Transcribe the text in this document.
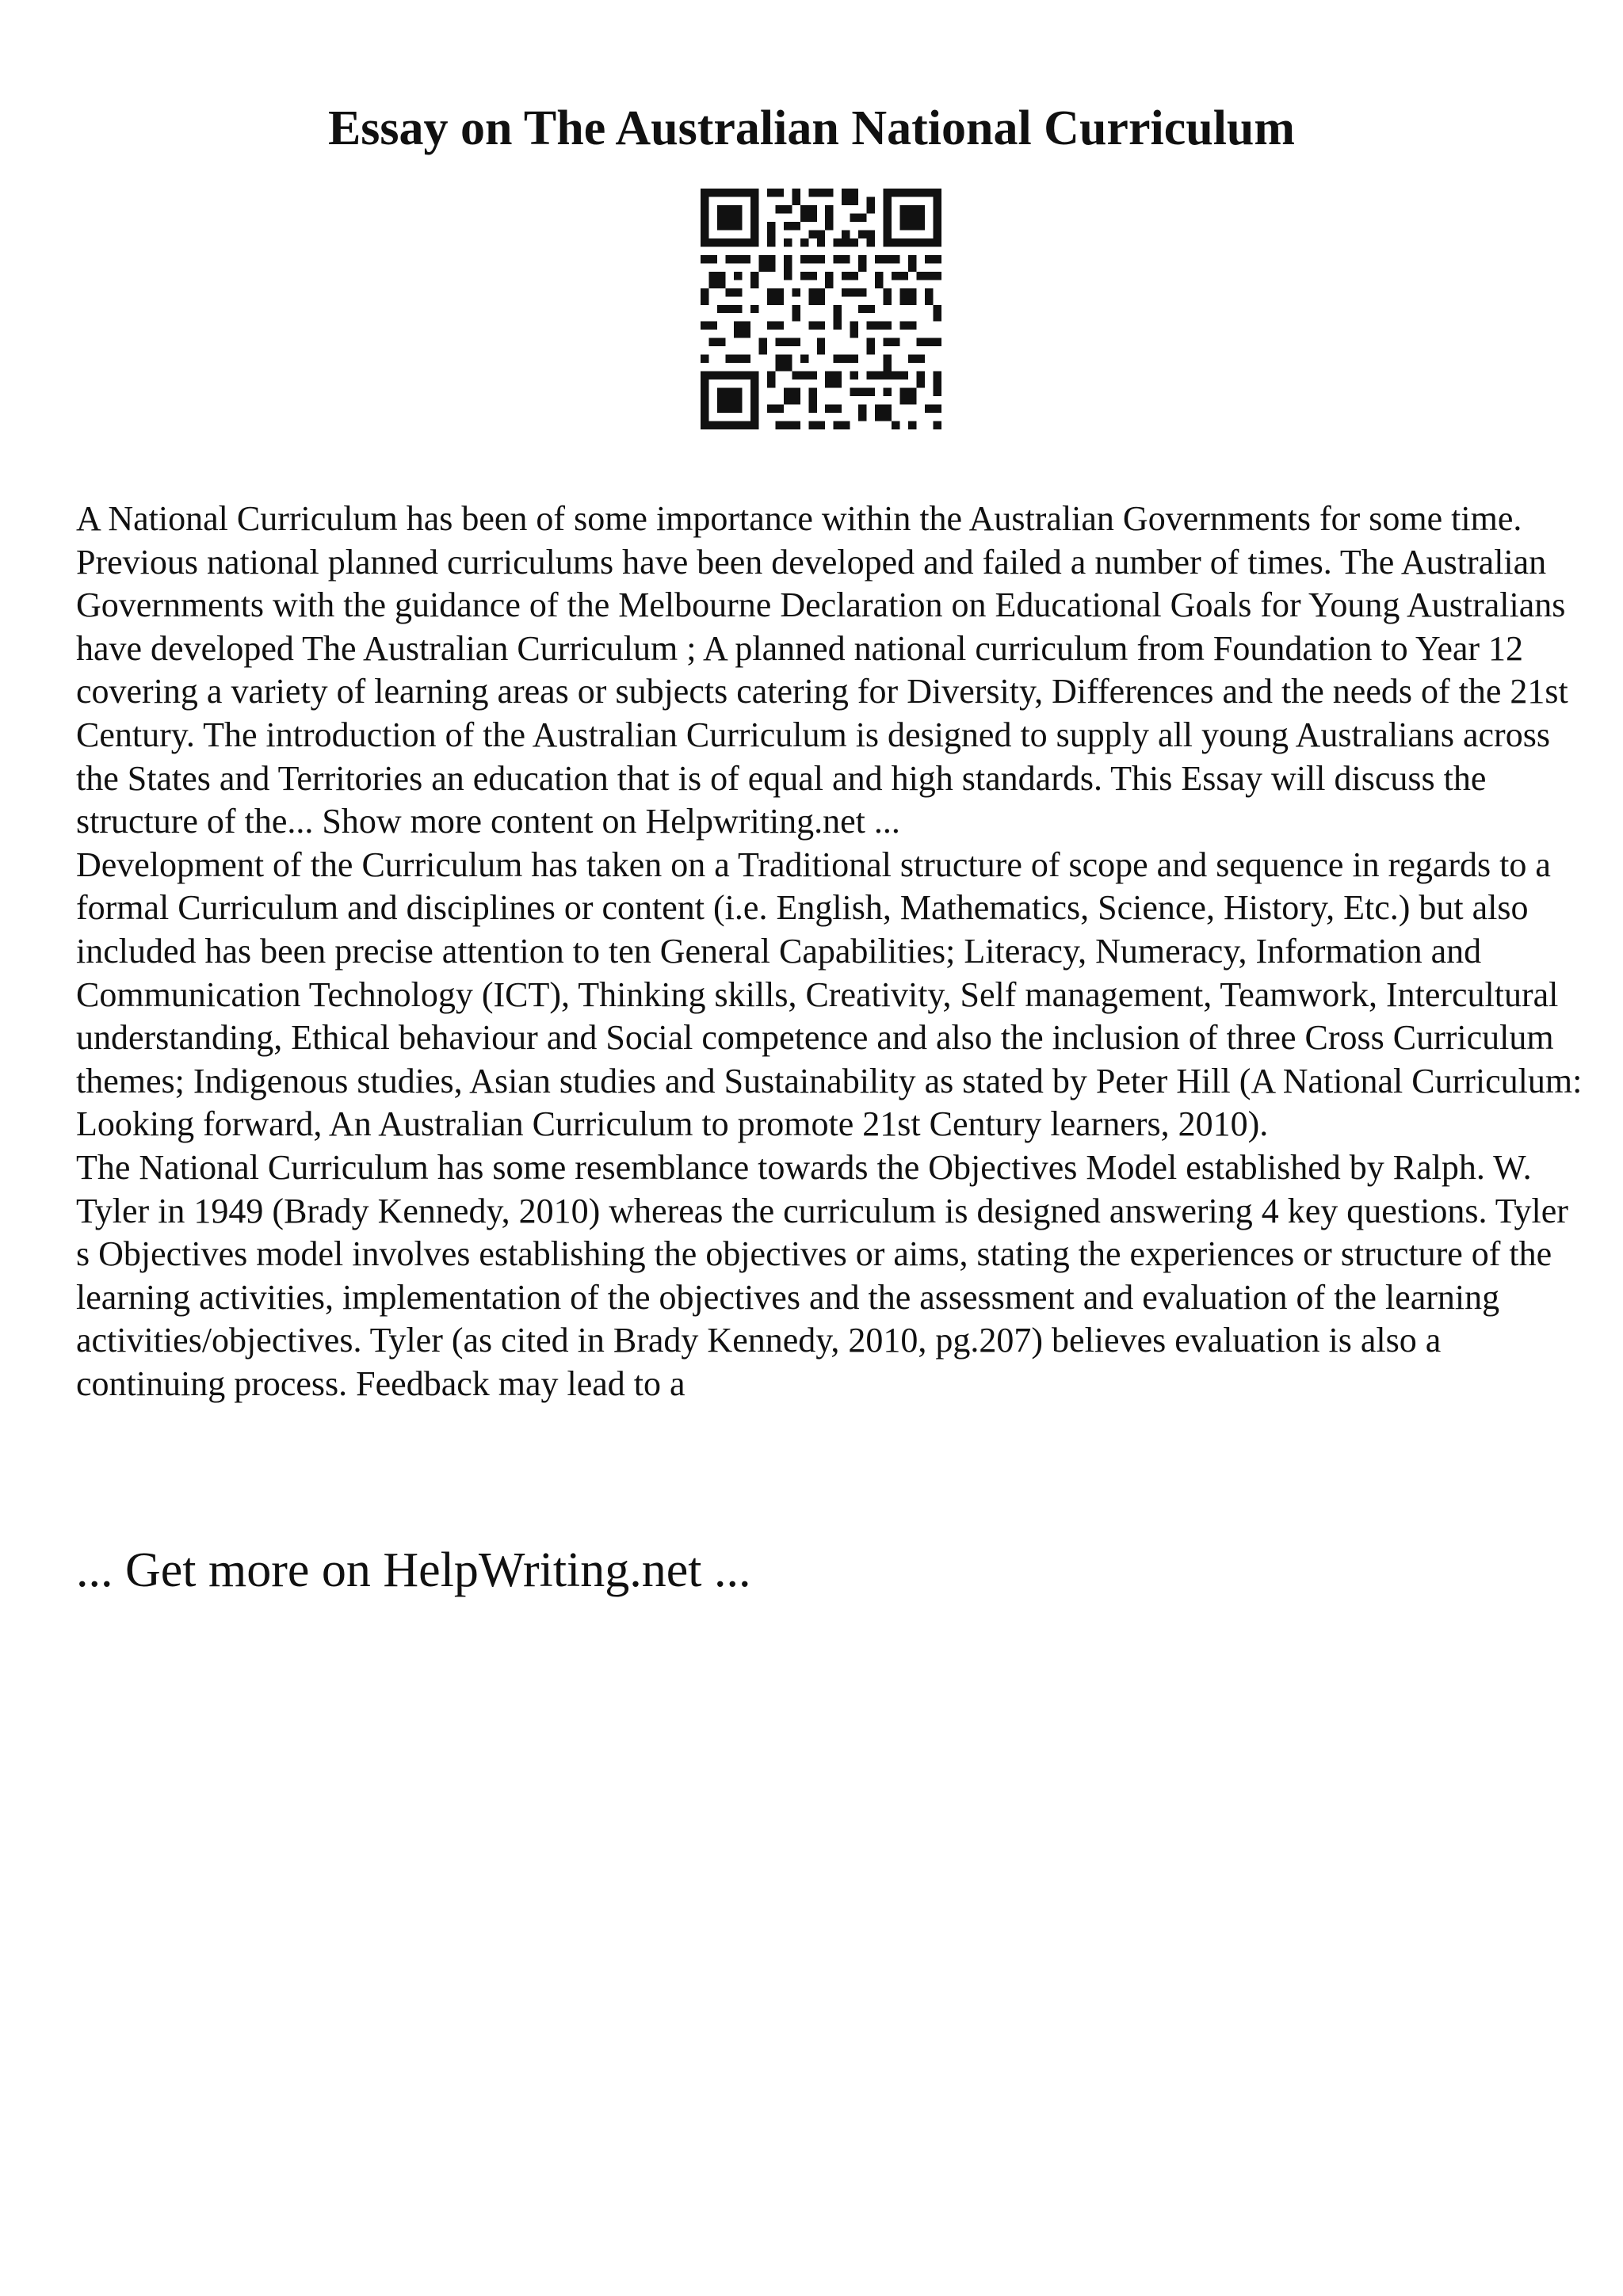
Essay on The Australian National Curriculum

A National Curriculum has been of some importance within the Australian Governments for some time. Previous national planned curriculums have been developed and failed a number of times. The Australian Governments with the guidance of the Melbourne Declaration on Educational Goals for Young Australians have developed The Australian Curriculum ; A planned national curriculum from Foundation to Year 12 covering a variety of learning areas or subjects catering for Diversity, Differences and the needs of the 21st Century. The introduction of the Australian Curriculum is designed to supply all young Australians across the States and Territories an education that is of equal and high standards. This Essay will discuss the structure of the... Show more content on Helpwriting.net ...

Development of the Curriculum has taken on a Traditional structure of scope and sequence in regards to a formal Curriculum and disciplines or content (i.e. English, Mathematics, Science, History, Etc.) but also included has been precise attention to ten General Capabilities; Literacy, Numeracy, Information and Communication Technology (ICT), Thinking skills, Creativity, Self management, Teamwork, Intercultural understanding, Ethical behaviour and Social competence and also the inclusion of three Cross Curriculum themes; Indigenous studies, Asian studies and Sustainability as stated by Peter Hill (A National Curriculum: Looking forward, An Australian Curriculum to promote 21st Century learners, 2010).

The National Curriculum has some resemblance towards the Objectives Model established by Ralph. W. Tyler in 1949 (Brady Kennedy, 2010) whereas the curriculum is designed answering 4 key questions. Tyler s Objectives model involves establishing the objectives or aims, stating the experiences or structure of the learning activities, implementation of the objectives and the assessment and evaluation of the learning activities/objectives. Tyler (as cited in Brady Kennedy, 2010, pg.207) believes evaluation is also a continuing process. Feedback may lead to a

... Get more on HelpWriting.net ...
